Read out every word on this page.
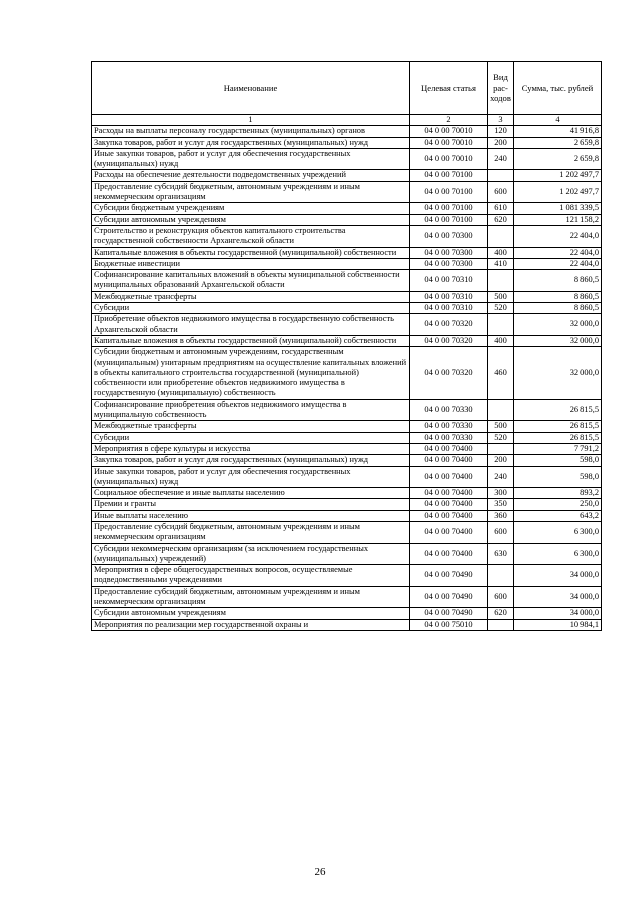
Наименование	Целевая статья	Вид рас-ходов	Сумма, тыс. рублей
1	2	3	4
Расходы на выплаты персоналу государственных (муниципальных) органов	04 0 00 70010	120	41 916,8
Закупка товаров, работ и услуг для государственных (муниципальных) нужд	04 0 00 70010	200	2 659,8
Иные закупки товаров, работ и услуг для обеспечения государственных (муниципальных) нужд	04 0 00 70010	240	2 659,8
Расходы на обеспечение деятельности подведомственных учреждений	04 0 00 70100		1 202 497,7
Предоставление субсидий бюджетным, автономным учреждениям и иным некоммерческим организациям	04 0 00 70100	600	1 202 497,7
Субсидии бюджетным учреждениям	04 0 00 70100	610	1 081 339,5
Субсидии автономным учреждениям	04 0 00 70100	620	121 158,2
Строительство и реконструкция объектов капитального строительства государственной собственности Архангельской области	04 0 00 70300		22 404,0
Капитальные вложения в объекты государственной (муниципальной) собственности	04 0 00 70300	400	22 404,0
Бюджетные инвестиции	04 0 00 70300	410	22 404,0
Софинансирование капитальных вложений в объекты муниципальной собственности муниципальных образований Архангельской области	04 0 00 70310		8 860,5
Межбюджетные трансферты	04 0 00 70310	500	8 860,5
Субсидии	04 0 00 70310	520	8 860,5
Приобретение объектов недвижимого имущества в государственную собственность Архангельской области	04 0 00 70320		32 000,0
Капитальные вложения в объекты государственной (муниципальной) собственности	04 0 00 70320	400	32 000,0
Субсидии бюджетным и автономным учреждениям, государственным (муниципальным) унитарным предприятиям на осуществление капитальных вложений в объекты капитального строительства государственной (муниципальной) собственности или приобретение объектов недвижимого имущества в государственную (муниципальную) собственность	04 0 00 70320	460	32 000,0
Софинансирование приобретения объектов недвижимого имущества в муниципальную собственность	04 0 00 70330		26 815,5
Межбюджетные трансферты	04 0 00 70330	500	26 815,5
Субсидии	04 0 00 70330	520	26 815,5
Мероприятия в сфере культуры и искусства	04 0 00 70400		7 791,2
Закупка товаров, работ и услуг для государственных (муниципальных) нужд	04 0 00 70400	200	598,0
Иные закупки товаров, работ и услуг для обеспечения государственных (муниципальных) нужд	04 0 00 70400	240	598,0
Социальное обеспечение и иные выплаты населению	04 0 00 70400	300	893,2
Премии и гранты	04 0 00 70400	350	250,0
Иные выплаты населению	04 0 00 70400	360	643,2
Предоставление субсидий бюджетным, автономным учреждениям и иным некоммерческим организациям	04 0 00 70400	600	6 300,0
Субсидии некоммерческим организациям (за исключением государственных (муниципальных) учреждений)	04 0 00 70400	630	6 300,0
Мероприятия в сфере общегосударственных вопросов, осуществляемые подведомственными учреждениями	04 0 00 70490		34 000,0
Предоставление субсидий бюджетным, автономным учреждениям и иным некоммерческим организациям	04 0 00 70490	600	34 000,0
Субсидии автономным учреждениям	04 0 00 70490	620	34 000,0
Мероприятия по реализации мер государственной охраны и	04 0 00 75010		10 984,1
26
